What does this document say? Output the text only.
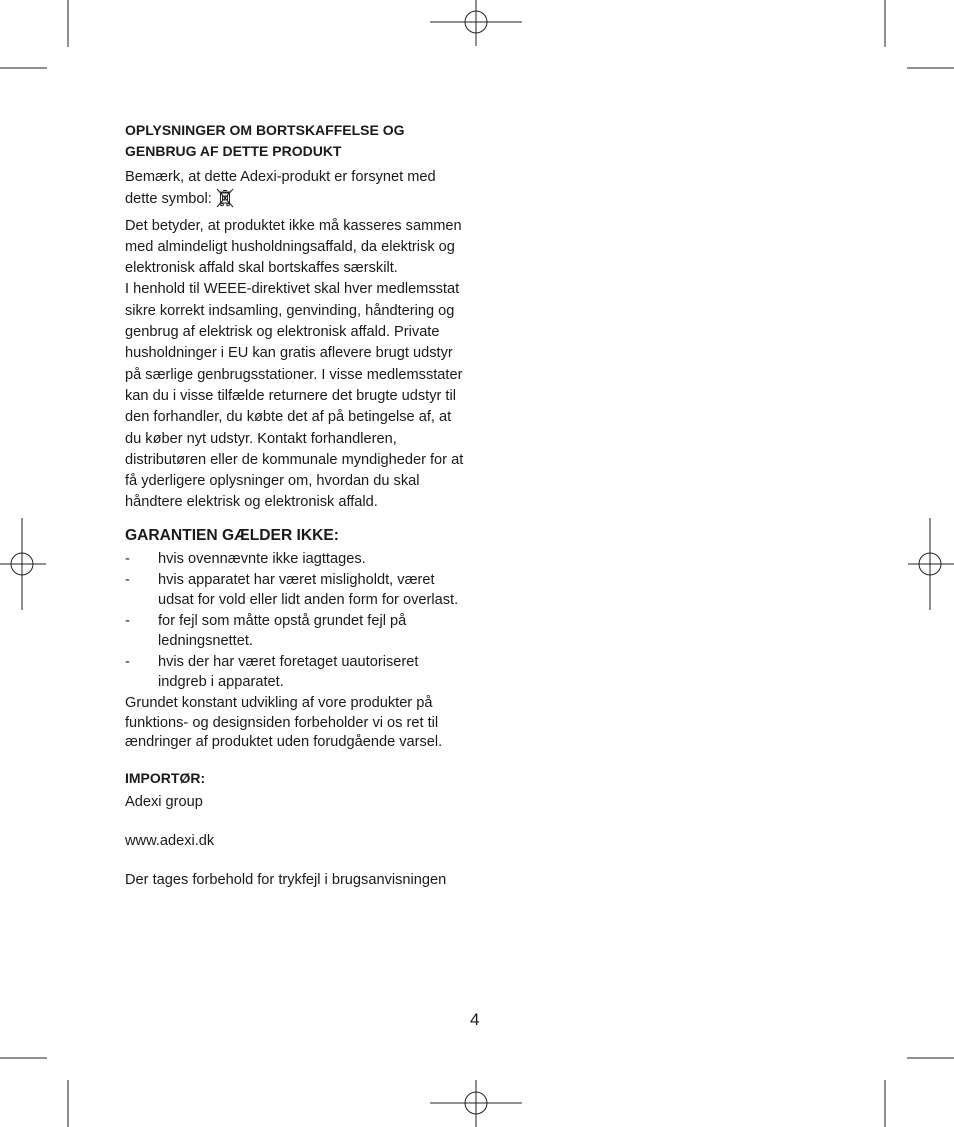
OPLYSNINGER OM BORTSKAFFELSE OG
GENBRUG AF DETTE PRODUKT

Bemærk, at dette Adexi-produkt er forsynet med dette symbol:

Det betyder, at produktet ikke må kasseres sammen med almindeligt husholdningsaffald, da elektrisk og elektronisk affald skal bortskaffes særskilt.

I henhold til WEEE-direktivet skal hver medlemsstat sikre korrekt indsamling, genvinding, håndtering og genbrug af elektrisk og elektronisk affald. Private husholdninger i EU kan gratis aflevere brugt udstyr på særlige genbrugsstationer. I visse medlemsstater kan du i visse tilfælde returnere det brugte udstyr til den forhandler, du købte det af på betingelse af, at du køber nyt udstyr. Kontakt forhandleren, distributøren eller de kommunale myndigheder for at få yderligere oplysninger om, hvordan du skal håndtere elektrisk og elektronisk affald.

GARANTIEN GÆLDER IKKE:
- hvis ovennævnte ikke iagttages.
- hvis apparatet har været misligholdt, været udsat for vold eller lidt anden form for overlast.
- for fejl som måtte opstå grundet fejl på ledningsnettet.
- hvis der har været foretaget uautoriseret indgreb i apparatet.

Grundet konstant udvikling af vore produkter på funktions- og designsiden forbeholder vi os ret til ændringer af produktet uden forudgående varsel.

IMPORTØR:

Adexi group

www.adexi.dk

Der tages forbehold for trykfejl i brugsanvisningen

4
